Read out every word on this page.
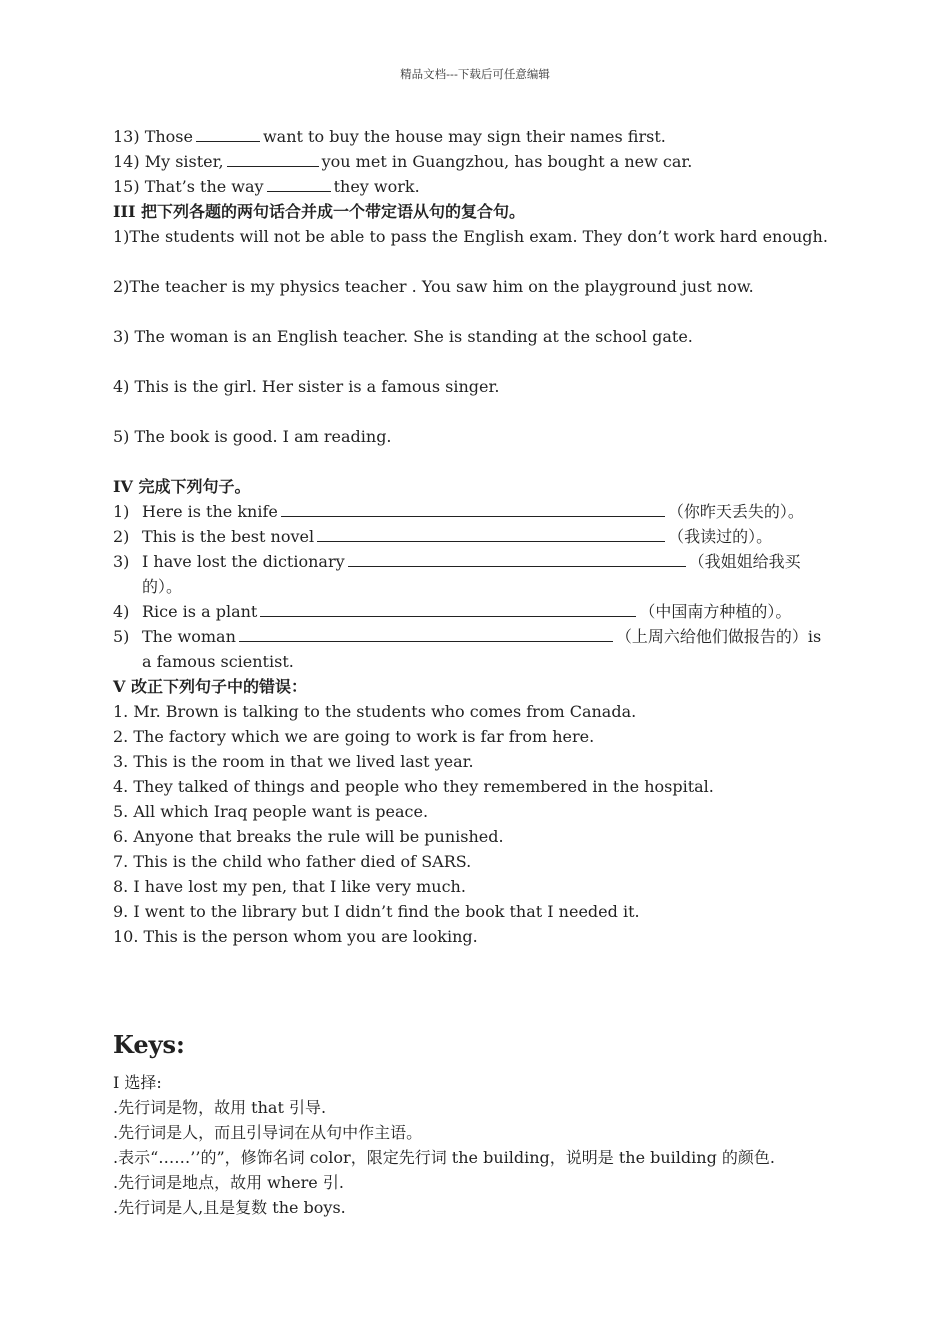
精品文档---下载后可任意编辑
13) Those	want to buy the house may sign their names first.
14) My sister,	you met in Guangzhou, has bought a new car.
15) That’s the way	they work.
III 把下列各题的两句话合并成一个带定语从句的复合句。
1)The students will not be able to pass the English exam. They don’t work hard enough.
2)The teacher is my physics teacher . You saw him on the playground just now.
3) The woman is an English teacher. She is standing at the school gate.
4) This is the girl. Her sister is a famous singer.
5) The book is good. I am reading.
IV 完成下列句子。
1) Here is the knife	（你昨天丢失的）。
2) This is the best novel	（我读过的）。
3) I have lost the dictionary	（我姐姐给我买
的）。
4) Rice is a plant	（中国南方种植的）。
5) The woman	（上周六给他们做报告的）is
a famous scientist.
V 改正下列句子中的错误：
1. Mr. Brown is talking to the students who comes from Canada.
2. The factory which we are going to work is far from here.
3. This is the room in that we lived last year.
4. They talked of things and people who they remembered in the hospital.
5. All which Iraq people want is peace.
6. Anyone that breaks the rule will be punished.
7. This is the child who father died of SARS.
8. I have lost my pen, that I like very much.
9. I went to the library but I didn’t find the book that I needed it.
10. This is the person whom you are looking.
Keys:
I 选择:
.先行词是物，故用 that 引导.
.先行词是人，而且引导词在从句中作主语。
.表示“……’’的”，修饰名词 color，限定先行词 the building，说明是 the building 的颜色.
.先行词是地点，故用 where 引.
.先行词是人,且是复数 the boys.
